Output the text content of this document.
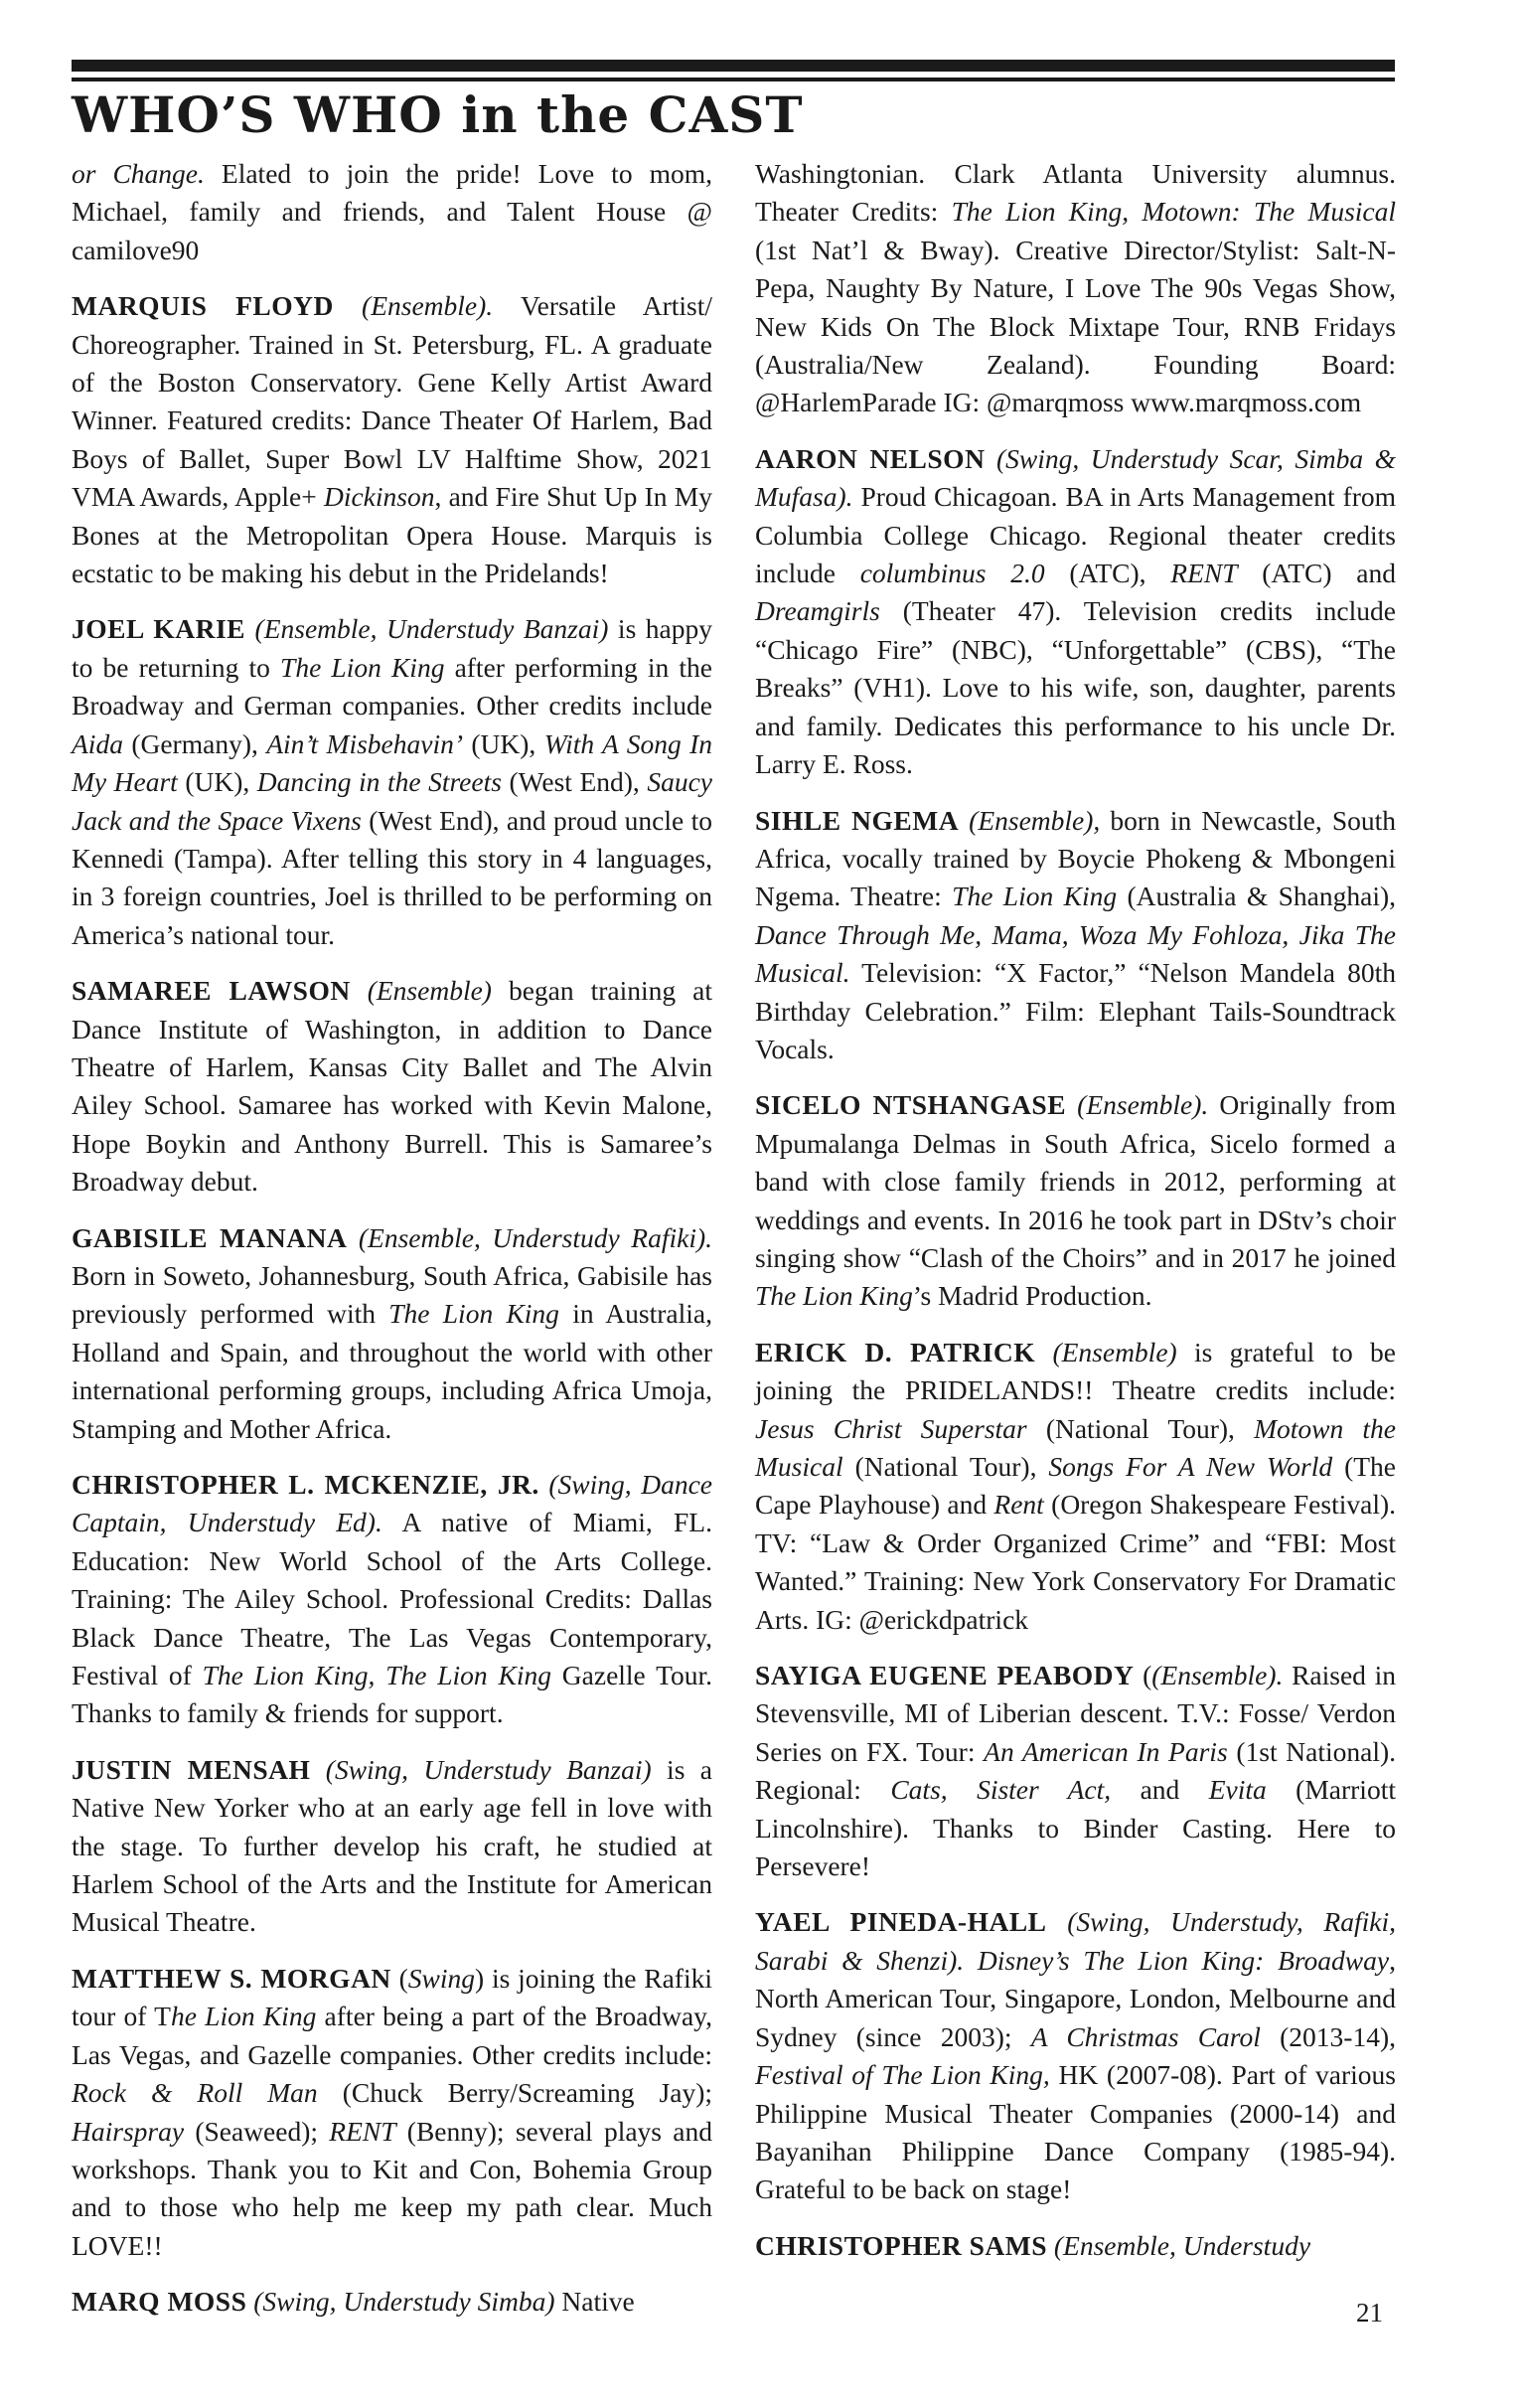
WHO’S WHO in the CAST

or Change. Elated to join the pride! Love to mom, Michael, family and friends, and Talent House @ camilove90

MARQUIS FLOYD (Ensemble). Versatile Artist/ Choreographer. Trained in St. Petersburg, FL. A graduate of the Boston Conservatory. Gene Kelly Artist Award Winner. Featured credits: Dance Theater Of Harlem, Bad Boys of Ballet, Super Bowl LV Halftime Show, 2021 VMA Awards, Apple+ Dickinson, and Fire Shut Up In My Bones at the Metropolitan Opera House. Marquis is ecstatic to be making his debut in the Pridelands!

JOEL KARIE (Ensemble, Understudy Banzai) is happy to be returning to The Lion King after performing in the Broadway and German companies. Other credits include Aida (Germany), Ain’t Misbehavin’ (UK), With A Song In My Heart (UK), Dancing in the Streets (West End), Saucy Jack and the Space Vixens (West End), and proud uncle to Kennedi (Tampa). After telling this story in 4 languages, in 3 foreign countries, Joel is thrilled to be performing on America’s national tour.

SAMAREE LAWSON (Ensemble) began training at Dance Institute of Washington, in addition to Dance Theatre of Harlem, Kansas City Ballet and The Alvin Ailey School. Samaree has worked with Kevin Malone, Hope Boykin and Anthony Burrell. This is Samaree’s Broadway debut.

GABISILE MANANA (Ensemble, Understudy Rafiki). Born in Soweto, Johannesburg, South Africa, Gabisile has previously performed with The Lion King in Australia, Holland and Spain, and throughout the world with other international performing groups, including Africa Umoja, Stamping and Mother Africa.

CHRISTOPHER L. MCKENZIE, JR. (Swing, Dance Captain, Understudy Ed). A native of Miami, FL. Education: New World School of the Arts College. Training: The Ailey School. Professional Credits: Dallas Black Dance Theatre, The Las Vegas Contemporary, Festival of The Lion King, The Lion King Gazelle Tour. Thanks to family & friends for support.

JUSTIN MENSAH (Swing, Understudy Banzai) is a Native New Yorker who at an early age fell in love with the stage. To further develop his craft, he studied at Harlem School of the Arts and the Institute for American Musical Theatre.

MATTHEW S. MORGAN (Swing) is joining the Rafiki tour of The Lion King after being a part of the Broadway, Las Vegas, and Gazelle companies. Other credits include: Rock & Roll Man (Chuck Berry/Screaming Jay); Hairspray (Seaweed); RENT (Benny); several plays and workshops. Thank you to Kit and Con, Bohemia Group and to those who help me keep my path clear. Much LOVE!!

MARQ MOSS (Swing, Understudy Simba) Native

Washingtonian. Clark Atlanta University alumnus. Theater Credits: The Lion King, Motown: The Musical (1st Nat’l & Bway). Creative Director/Stylist: Salt-N-Pepa, Naughty By Nature, I Love The 90s Vegas Show, New Kids On The Block Mixtape Tour, RNB Fridays (Australia/New Zealand). Founding Board: @HarlemParade IG: @marqmoss www.marqmoss.com

AARON NELSON (Swing, Understudy Scar, Simba & Mufasa). Proud Chicagoan. BA in Arts Management from Columbia College Chicago. Regional theater credits include columbinus 2.0 (ATC), RENT (ATC) and Dreamgirls (Theater 47). Television credits include “Chicago Fire” (NBC), “Unforgettable” (CBS), “The Breaks” (VH1). Love to his wife, son, daughter, parents and family. Dedicates this performance to his uncle Dr. Larry E. Ross.

SIHLE NGEMA (Ensemble), born in Newcastle, South Africa, vocally trained by Boycie Phokeng & Mbongeni Ngema. Theatre: The Lion King (Australia & Shanghai), Dance Through Me, Mama, Woza My Fohloza, Jika The Musical. Television: “X Factor,” “Nelson Mandela 80th Birthday Celebration.” Film: Elephant Tails-Soundtrack Vocals.

SICELO NTSHANGASE (Ensemble). Originally from Mpumalanga Delmas in South Africa, Sicelo formed a band with close family friends in 2012, performing at weddings and events. In 2016 he took part in DStv’s choir singing show “Clash of the Choirs” and in 2017 he joined The Lion King’s Madrid Production.

ERICK D. PATRICK (Ensemble) is grateful to be joining the PRIDELANDS!! Theatre credits include: Jesus Christ Superstar (National Tour), Motown the Musical (National Tour), Songs For A New World (The Cape Playhouse) and Rent (Oregon Shakespeare Festival). TV: “Law & Order Organized Crime” and “FBI: Most Wanted.” Training: New York Conservatory For Dramatic Arts. IG: @erickdpatrick

SAYIGA EUGENE PEABODY ((Ensemble). Raised in Stevensville, MI of Liberian descent. T.V.: Fosse/ Verdon Series on FX. Tour: An American In Paris (1st National). Regional: Cats, Sister Act, and Evita (Marriott Lincolnshire). Thanks to Binder Casting. Here to Persevere!

YAEL PINEDA-HALL (Swing, Understudy, Rafiki, Sarabi & Shenzi). Disney’s The Lion King: Broadway, North American Tour, Singapore, London, Melbourne and Sydney (since 2003); A Christmas Carol (2013-14), Festival of The Lion King, HK (2007-08). Part of various Philippine Musical Theater Companies (2000-14) and Bayanihan Philippine Dance Company (1985-94). Grateful to be back on stage!

CHRISTOPHER SAMS (Ensemble, Understudy

21
